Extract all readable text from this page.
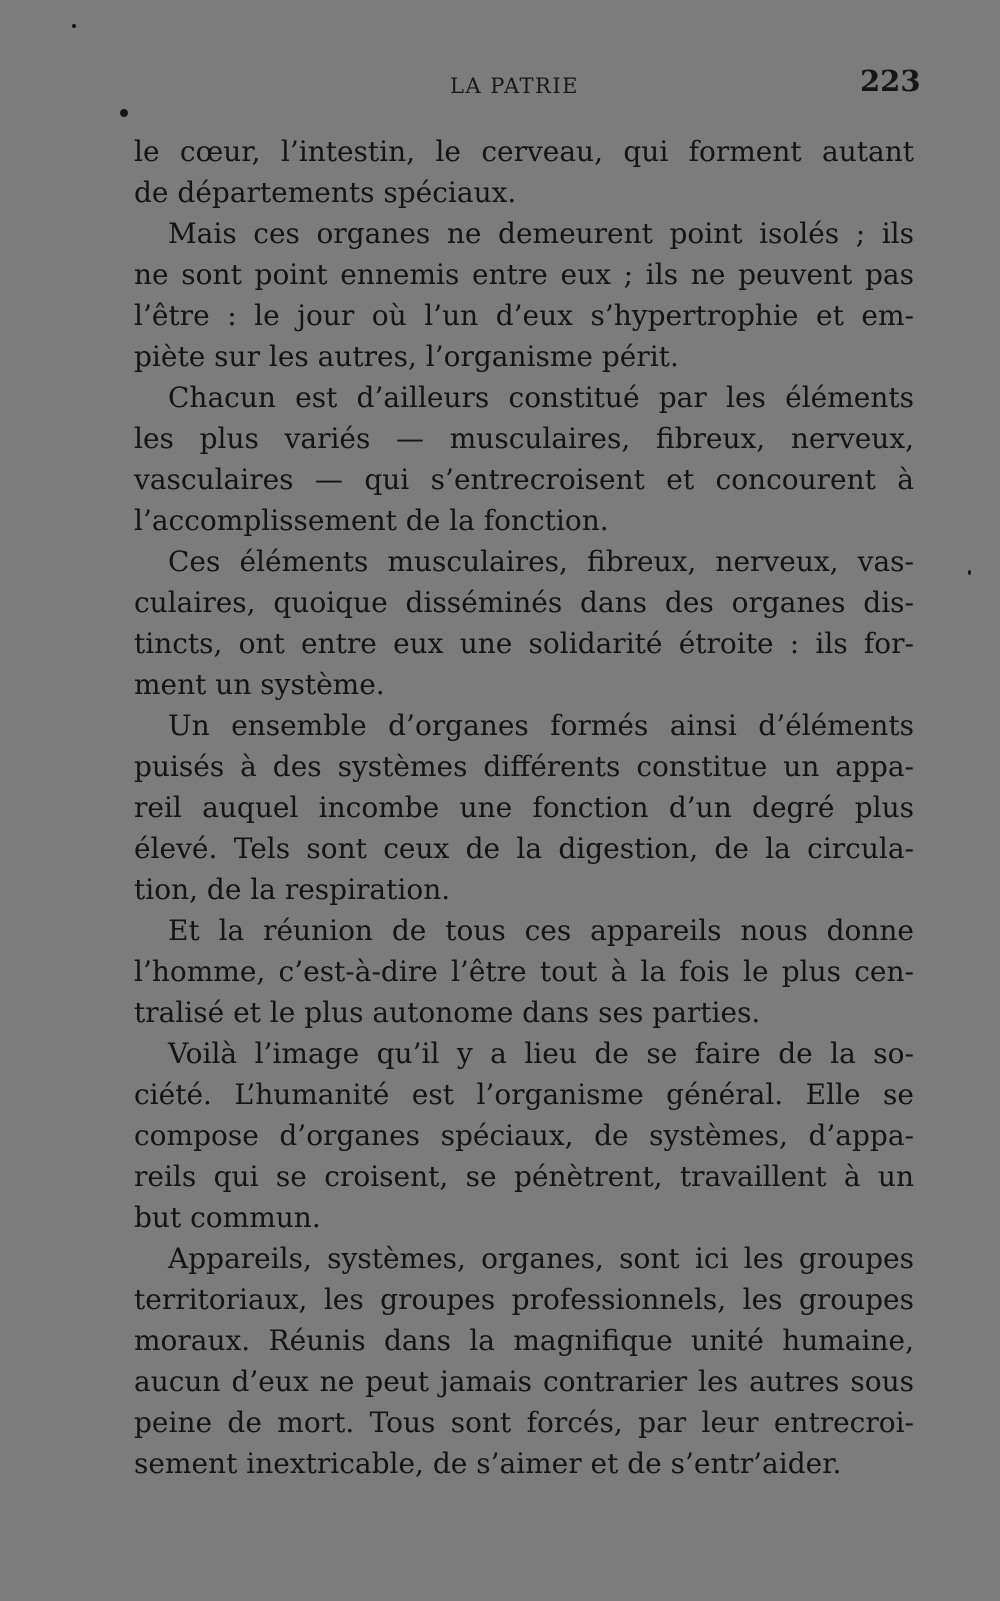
LA PATRIE	223
le cœur, l’intestin, le cerveau, qui forment autant
de départements spéciaux.
Mais ces organes ne demeurent point isolés ; ils
ne sont point ennemis entre eux ; ils ne peuvent pas
l’être : le jour où l’un d’eux s’hypertrophie et em-
piète sur les autres, l’organisme périt.
Chacun est d’ailleurs constitué par les éléments
les plus variés — musculaires, fibreux, nerveux,
vasculaires — qui s’entrecroisent et concourent à
l’accomplissement de la fonction.
Ces éléments musculaires, fibreux, nerveux, vas-
culaires, quoique disséminés dans des organes dis-
tincts, ont entre eux une solidarité étroite : ils for-
ment un système.
Un ensemble d’organes formés ainsi d’éléments
puisés à des systèmes différents constitue un appa-
reil auquel incombe une fonction d’un degré plus
élevé. Tels sont ceux de la digestion, de la circula-
tion, de la respiration.
Et la réunion de tous ces appareils nous donne
l’homme, c’est-à-dire l’être tout à la fois le plus cen-
tralisé et le plus autonome dans ses parties.
Voilà l’image qu’il y a lieu de se faire de la so-
ciété. L’humanité est l’organisme général. Elle se
compose d’organes spéciaux, de systèmes, d’appa-
reils qui se croisent, se pénètrent, travaillent à un
but commun.
Appareils, systèmes, organes, sont ici les groupes
territoriaux, les groupes professionnels, les groupes
moraux. Réunis dans la magnifique unité humaine,
aucun d’eux ne peut jamais contrarier les autres sous
peine de mort. Tous sont forcés, par leur entrecroi-
sement inextricable, de s’aimer et de s’entr’aider.
